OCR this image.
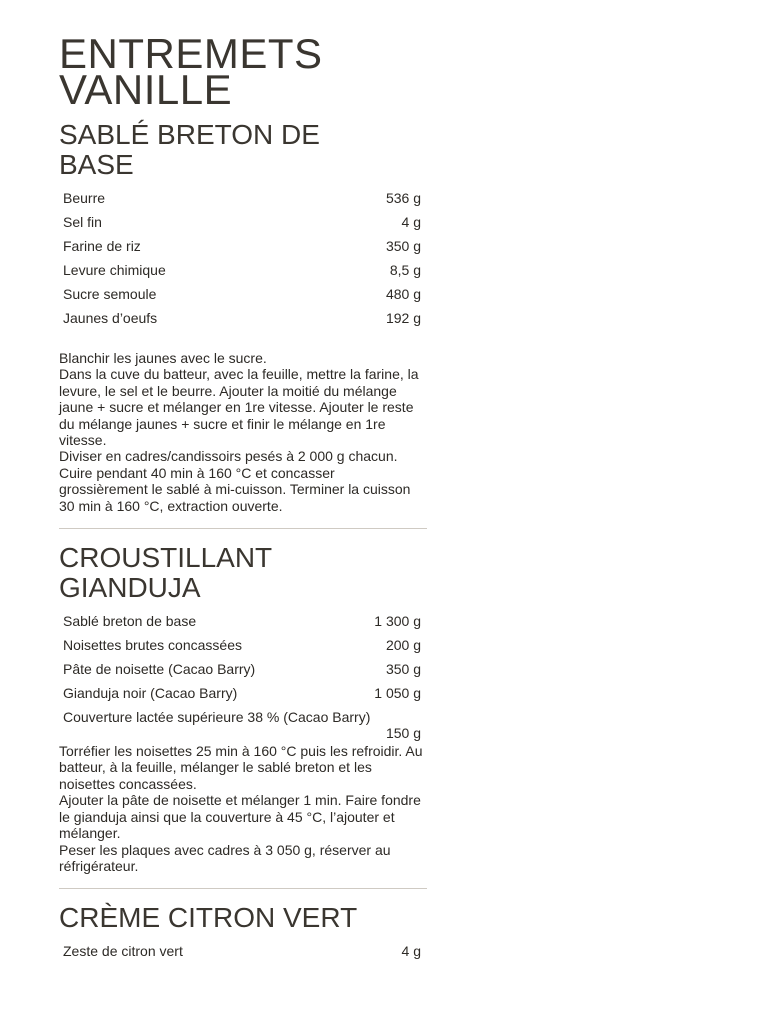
ENTREMETS
VANILLE
SABLÉ BRETON DE
BASE
Beurre	536 g
Sel fin	4 g
Farine de riz	350 g
Levure chimique	8,5 g
Sucre semoule	480 g
Jaunes d’oeufs	192 g

Blanchir les jaunes avec le sucre.

Dans la cuve du batteur, avec la feuille, mettre la farine, la levure, le sel et le beurre. Ajouter la moitié du mélange jaune + sucre et mélanger en 1re vitesse. Ajouter le reste du mélange jaunes + sucre et finir le mélange en 1re vitesse.

Diviser en cadres/candissoirs pesés à 2 000 g chacun. Cuire pendant 40 min à 160 °C et concasser grossièrement le sablé à mi-cuisson. Terminer la cuisson 30 min à 160 °C, extraction ouverte.

CROUSTILLANT
GIANDUJA
Sablé breton de base	1 300 g
Noisettes brutes concassées	200 g
Pâte de noisette (Cacao Barry)	350 g
Gianduja noir (Cacao Barry)	1 050 g
Couverture lactée supérieure 38 % (Cacao Barry)
150 g

Torréfier les noisettes 25 min à 160 °C puis les refroidir. Au batteur, à la feuille, mélanger le sablé breton et les noisettes concassées.

Ajouter la pâte de noisette et mélanger 1 min. Faire fondre le gianduja ainsi que la couverture à 45 °C, l’ajouter et mélanger.

Peser les plaques avec cadres à 3 050 g, réserver au réfrigérateur.

CRÈME CITRON VERT
Zeste de citron vert	4 g
